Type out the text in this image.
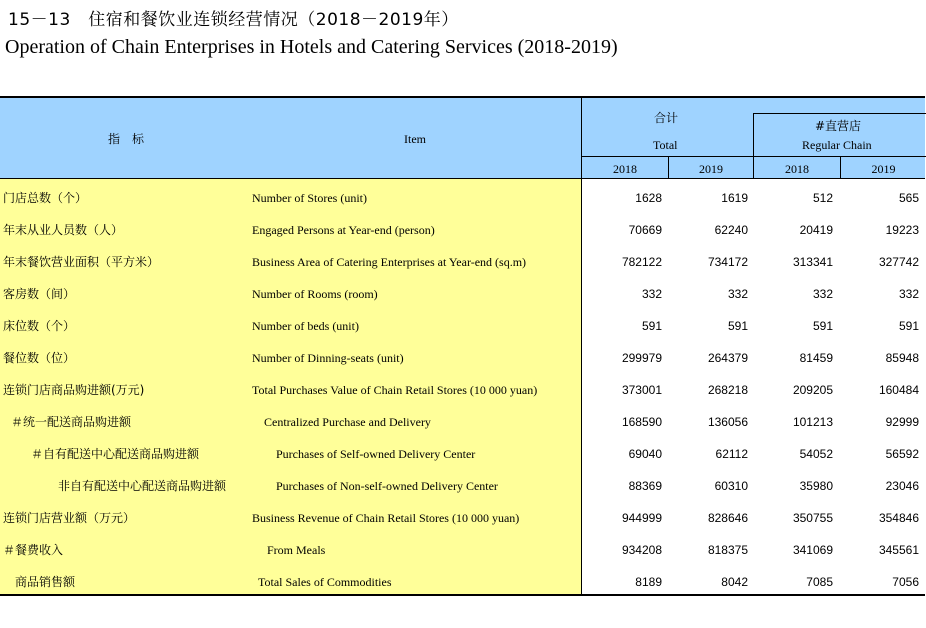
15－13　住宿和餐饮业连锁经营情况（2018－2019年）
Operation of Chain Enterprises in Hotels and Catering Services (2018-2019)
指　标	Item
合计
Total
#直营店
Regular Chain
2018	2019	2018	2019
门店总数（个）	Number of Stores (unit)	1628	1619	512	565
年末从业人员数（人）	Engaged Persons at Year-end (person)	70669	62240	20419	19223
年末餐饮营业面积（平方米）	Business Area of Catering Enterprises at Year-end (sq.m)	782122	734172	313341	327742
客房数（间）	Number of Rooms (room)	332	332	332	332
床位数（个）	Number of beds (unit)	591	591	591	591
餐位数（位）	Number of Dinning-seats (unit)	299979	264379	81459	85948
连锁门店商品购进额(万元)	Total Purchases Value of Chain Retail Stores (10 000 yuan)	373001	268218	209205	160484
＃统一配送商品购进额	Centralized Purchase and Delivery	168590	136056	101213	92999
＃自有配送中心配送商品购进额	Purchases of Self-owned Delivery Center	69040	62112	54052	56592
非自有配送中心配送商品购进额	Purchases of Non-self-owned Delivery Center	88369	60310	35980	23046
连锁门店营业额（万元）	Business Revenue of Chain Retail Stores (10 000 yuan)	944999	828646	350755	354846
＃餐费收入	From Meals	934208	818375	341069	345561
商品销售额	Total Sales of Commodities	8189	8042	7085	7056
